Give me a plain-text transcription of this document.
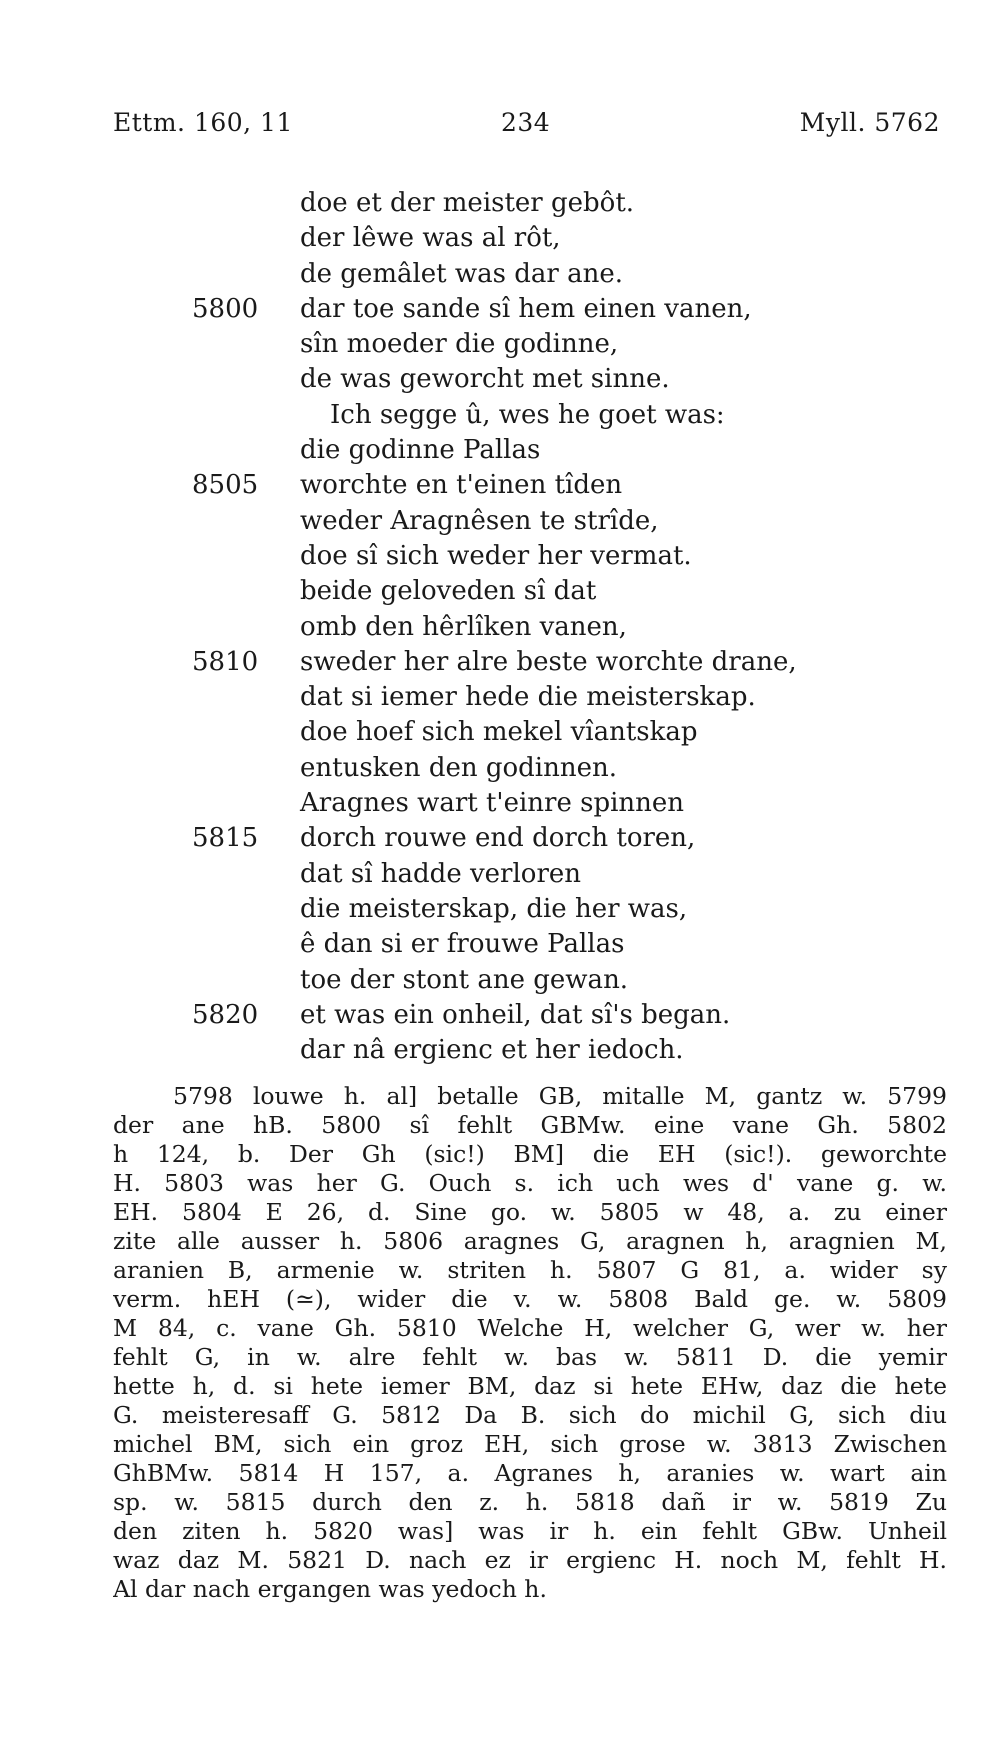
Ettm. 160, 11	234	Myll. 5762
doe et der meister gebôt.
der lêwe was al rôt,
de gemâlet was dar ane.
5800 dar toe sande sî hem einen vanen,
sîn moeder die godinne,
de was geworcht met sinne.
Ich segge û, wes he goet was:
die godinne Pallas
8505 worchte en t'einen tîden
weder Aragnêsen te strîde,
doe sî sich weder her vermat.
beide geloveden sî dat
omb den hêrlîken vanen,
5810 sweder her alre beste worchte drane,
dat si iemer hede die meisterskap.
doe hoef sich mekel vîantskap
entusken den godinnen.
Aragnes wart t'einre spinnen
5815 dorch rouwe end dorch toren,
dat sî hadde verloren
die meisterskap, die her was,
ê dan si er frouwe Pallas
toe der stont ane gewan.
5820 et was ein onheil, dat sî's began.
dar nâ ergienc et her iedoch.
5798 louwe h. al] betalle GB, mitalle M, gantz w. 5799
der ane hB. 5800 sî fehlt GBMw. eine vane Gh. 5802
h 124, b. Der Gh (sic!) BM] die EH (sic!). geworchte
H. 5803 was her G. Ouch s. ich uch wes d' vane g. w.
EH. 5804 E 26, d. Sine go. w. 5805 w 48, a. zu einer
zite alle ausser h. 5806 aragnes G, aragnen h, aragnien M,
aranien B, armenie w. striten h. 5807 G 81, a. wider sy
verm. hEH (≃), wider die v. w. 5808 Bald ge. w. 5809
M 84, c. vane Gh. 5810 Welche H, welcher G, wer w. her
fehlt G, in w. alre fehlt w. bas w. 5811 D. die yemir
hette h, d. si hete iemer BM, daz si hete EHw, daz die hete
G. meisteresaff G. 5812 Da B. sich do michil G, sich diu
michel BM, sich ein groz EH, sich grose w. 3813 Zwischen
GhBMw. 5814 H 157, a. Agranes h, aranies w. wart ain
sp. w. 5815 durch den z. h. 5818 dañ ir w. 5819 Zu
den ziten h. 5820 was] was ir h. ein fehlt GBw. Unheil
waz daz M. 5821 D. nach ez ir ergienc H. noch M, fehlt H.
Al dar nach ergangen was yedoch h.
